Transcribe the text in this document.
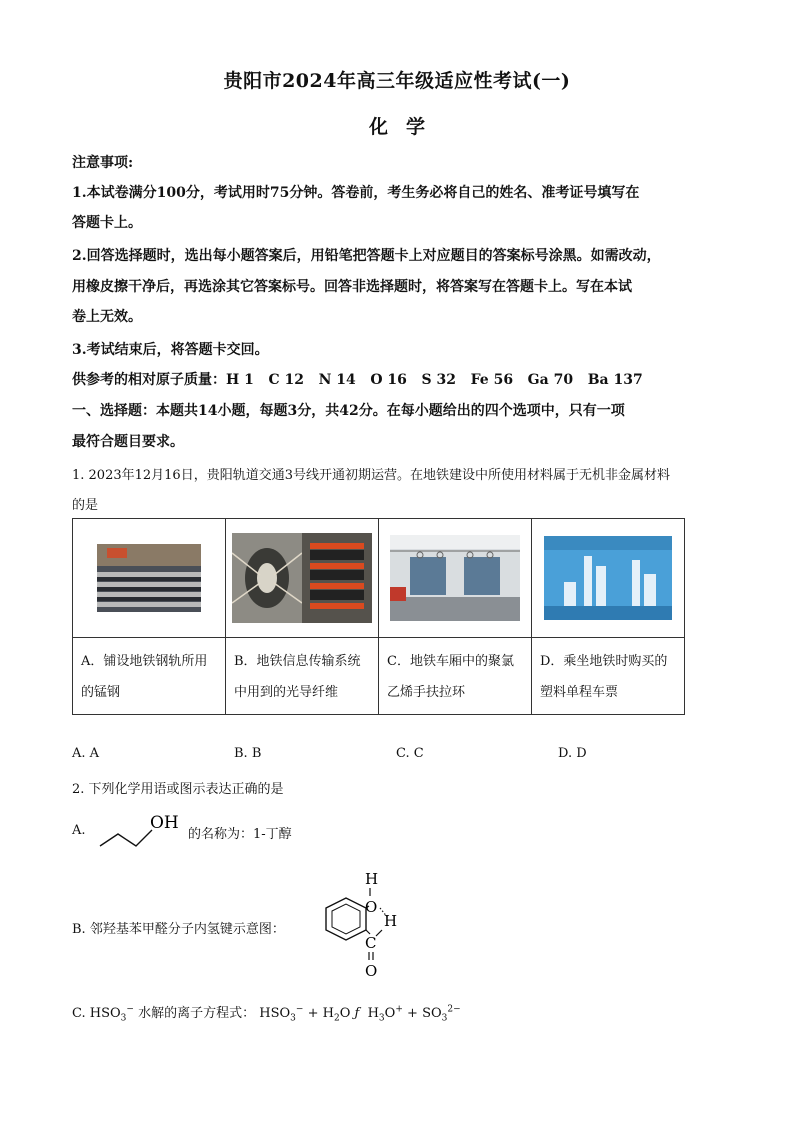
贵阳市2024年高三年级适应性考试(一)
化学
注意事项:
1.本试卷满分100分，考试用时75分钟。答卷前，考生务必将自己的姓名、准考证号填写在
答题卡上。
2.回答选择题时，选出每小题答案后，用铅笔把答题卡上对应题目的答案标号涂黑。如需改动，
用橡皮擦干净后，再选涂其它答案标号。回答非选择题时，将答案写在答题卡上。写在本试
卷上无效。
3.考试结束后，将答题卡交回。
供参考的相对原子质量：H 1   C 12   N 14   O 16   S 32   Fe 56   Ga 70   Ba 137
一、选择题：本题共14小题，每题3分，共42分。在每小题给出的四个选项中，只有一项
最符合题目要求。
1. 2023年12月16日，贵阳轨道交通3号线开通初期运营。在地铁建设中所使用材料属于无机非金属材料
的是

A．铺设地铁钢轨所用的锰钢	B．地铁信息传输系统中用到的光导纤维	C．地铁车厢中的聚氯乙烯手扶拉环	D．乘坐地铁时购买的塑料单程车票
A. A	B. B	C. C	D. D
2. 下列化学用语或图示表达正确的是
A.	OH
的名称为：1-丁醇
B. 邻羟基苯甲醛分子内氢键示意图：
H
O
H
C
O
C. $HSO_3^-$ 水解的离子方程式： $HSO_3^- + H_2O$ ƒ $H_3O^+ + SO_3^{2-}$
